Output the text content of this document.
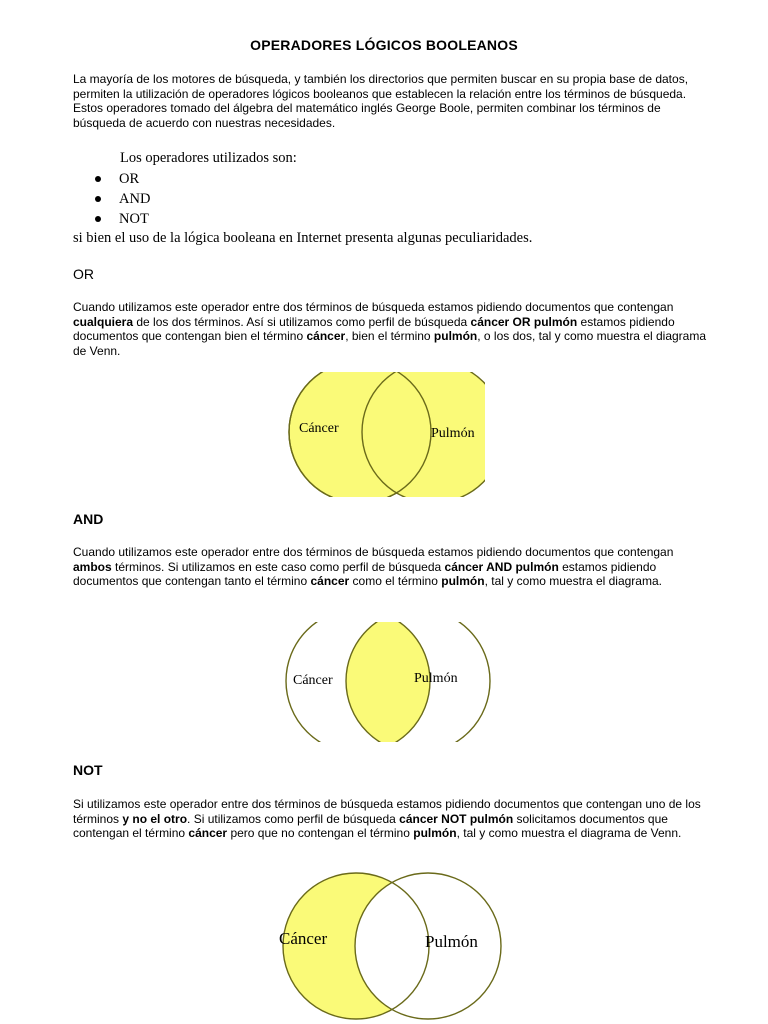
OPERADORES LÓGICOS BOOLEANOS
La mayoría de los motores de búsqueda, y también los directorios que permiten buscar en su propia base de datos, permiten la utilización de operadores lógicos booleanos que establecen la relación entre los términos de búsqueda. Estos operadores tomado del álgebra del matemático inglés George Boole, permiten combinar los términos de búsqueda de acuerdo con nuestras necesidades.
Los operadores utilizados son:
OR
AND
NOT
si bien el uso de la lógica booleana en Internet presenta algunas peculiaridades.
OR
Cuando utilizamos este operador entre dos términos de búsqueda estamos pidiendo documentos que contengan cualquiera de los dos términos. Así si utilizamos como perfil de búsqueda cáncer OR pulmón estamos pidiendo documentos que contengan bien el término cáncer, bien el término pulmón, o los dos, tal y como muestra el diagrama de Venn.
Cáncer	Pulmón
AND
Cuando utilizamos este operador entre dos términos de búsqueda estamos pidiendo documentos que contengan ambos términos. Si utilizamos en este caso como perfil de búsqueda cáncer AND pulmón estamos pidiendo documentos que contengan tanto el término cáncer como el término pulmón, tal y como muestra el diagrama.
Cáncer	Pulmón
NOT
Si utilizamos este operador entre dos términos de búsqueda estamos pidiendo documentos que contengan uno de los términos y no el otro. Si utilizamos como perfil de búsqueda cáncer NOT pulmón solicitamos documentos que contengan el término cáncer pero que no contengan el término pulmón, tal y como muestra el diagrama de Venn.
Cáncer	Pulmón
